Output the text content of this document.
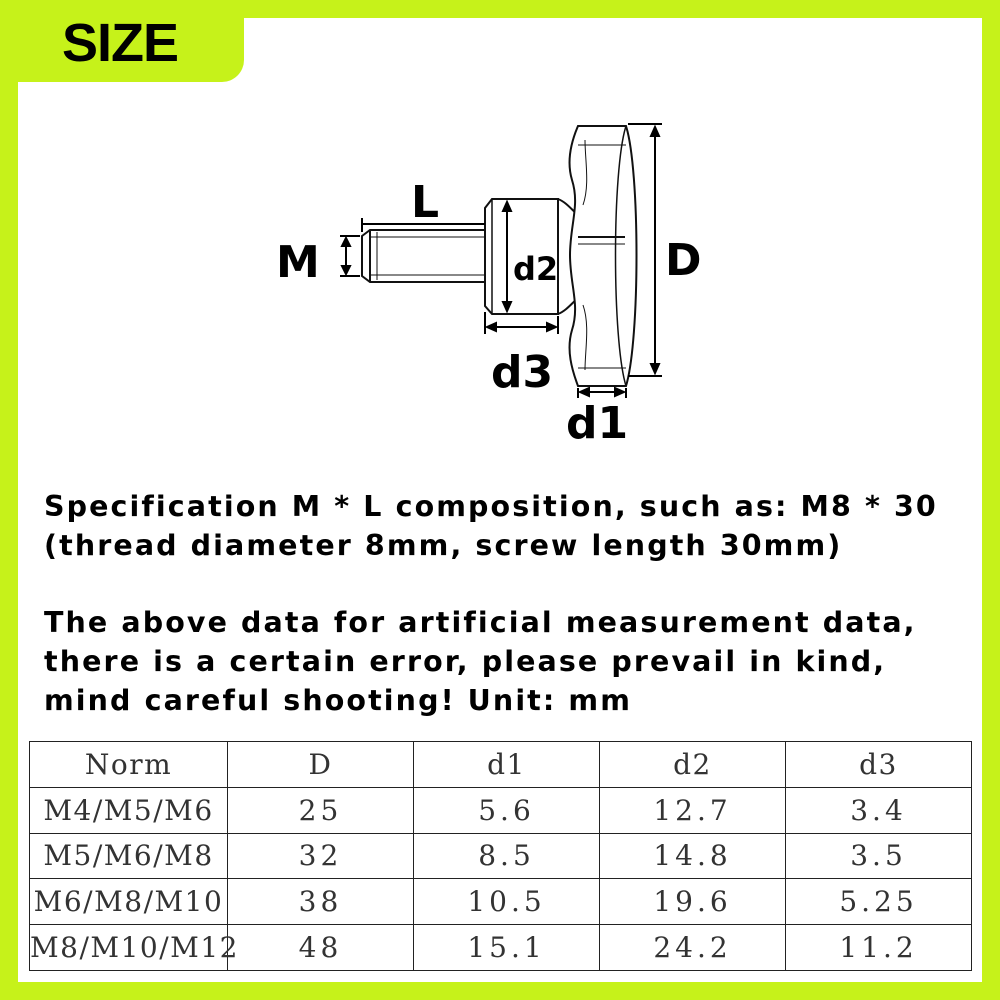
SIZE
M
L
d2
d3
d1
D
Specification M * L composition, such as: M8 * 30
(thread diameter 8mm, screw length 30mm)
The above data for artificial measurement data,
there is a certain error, please prevail in kind,
mind careful shooting! Unit: mm
Norm	D	d1	d2	d3
M4/M5/M6	25	5.6	12.7	3.4
M5/M6/M8	32	8.5	14.8	3.5
M6/M8/M10	38	10.5	19.6	5.25
M8/M10/M12	48	15.1	24.2	11.2
